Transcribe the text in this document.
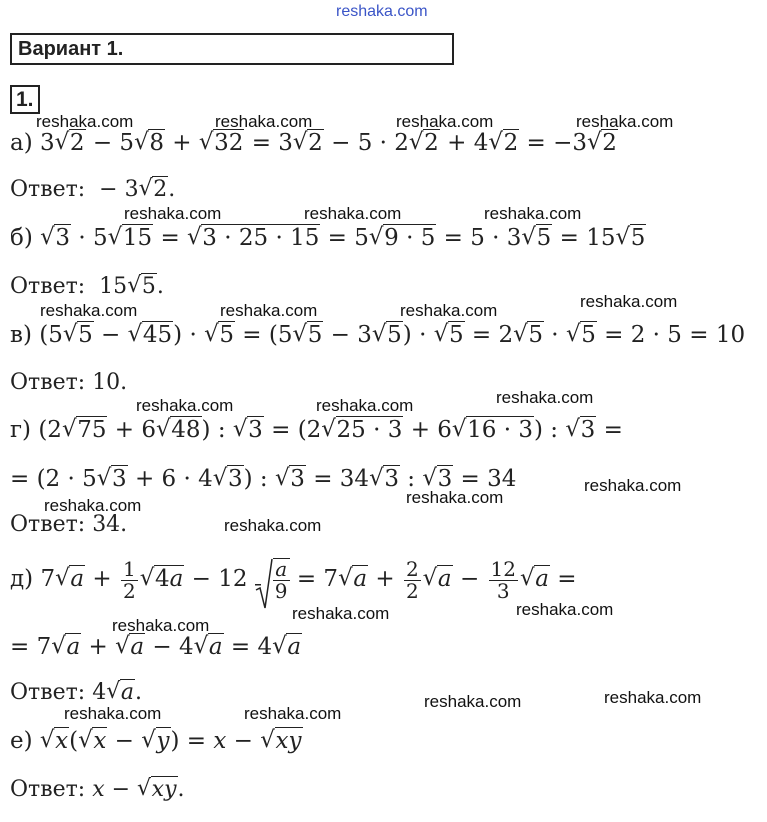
reshaka.com
reshaka.com	reshaka.com	reshaka.com	reshaka.com
reshaka.com	reshaka.com	reshaka.com
reshaka.com	reshaka.com	reshaka.com	reshaka.com
reshaka.com
reshaka.com	reshaka.com
reshaka.com
reshaka.com
reshaka.com
reshaka.com
reshaka.com	reshaka.com
reshaka.com
reshaka.com	reshaka.com
reshaka.com	reshaka.com
Вариант 1.
1.
а) 3√ 2 − 5√ 8 + √ 32 = 3√ 2 − 5 · 2√ 2 + 4√ 2 = −3√ 2
Ответ:  − 3√ 2.
б) √ 3 · 5√ 15 = √ 3 · 25 · 15 = 5√ 9 · 5 = 5 · 3√ 5 = 15√ 5
Ответ:  15√ 5.
в) (5√ 5 − √ 45) · √ 5 = (5√ 5 − 3√ 5) · √ 5 = 2√ 5 · √ 5 = 2 · 5 = 10
Ответ: 10.
г) (2√ 75 + 6√ 48) : √ 3 = (2√ 25 · 3 + 6√ 16 · 3) : √ 3 =
= (2 · 5√ 3 + 6 · 4√ 3) : √ 3 = 34√ 3 : √ 3 = 34
Ответ: 34.
д) 7√ $a + \frac{1}{2}$
√ $4a - 12 \frac{a}{9} = 7√$ $a + \frac{2}{2}$
√ $a - \frac{12}{3}$
√ a =
= 7√ a + √ a − 4√ a = 4√ a
Ответ: 4√ a.
е) √ x(√ x − √ y) = x − √ xy
Ответ: x − √ xy.
